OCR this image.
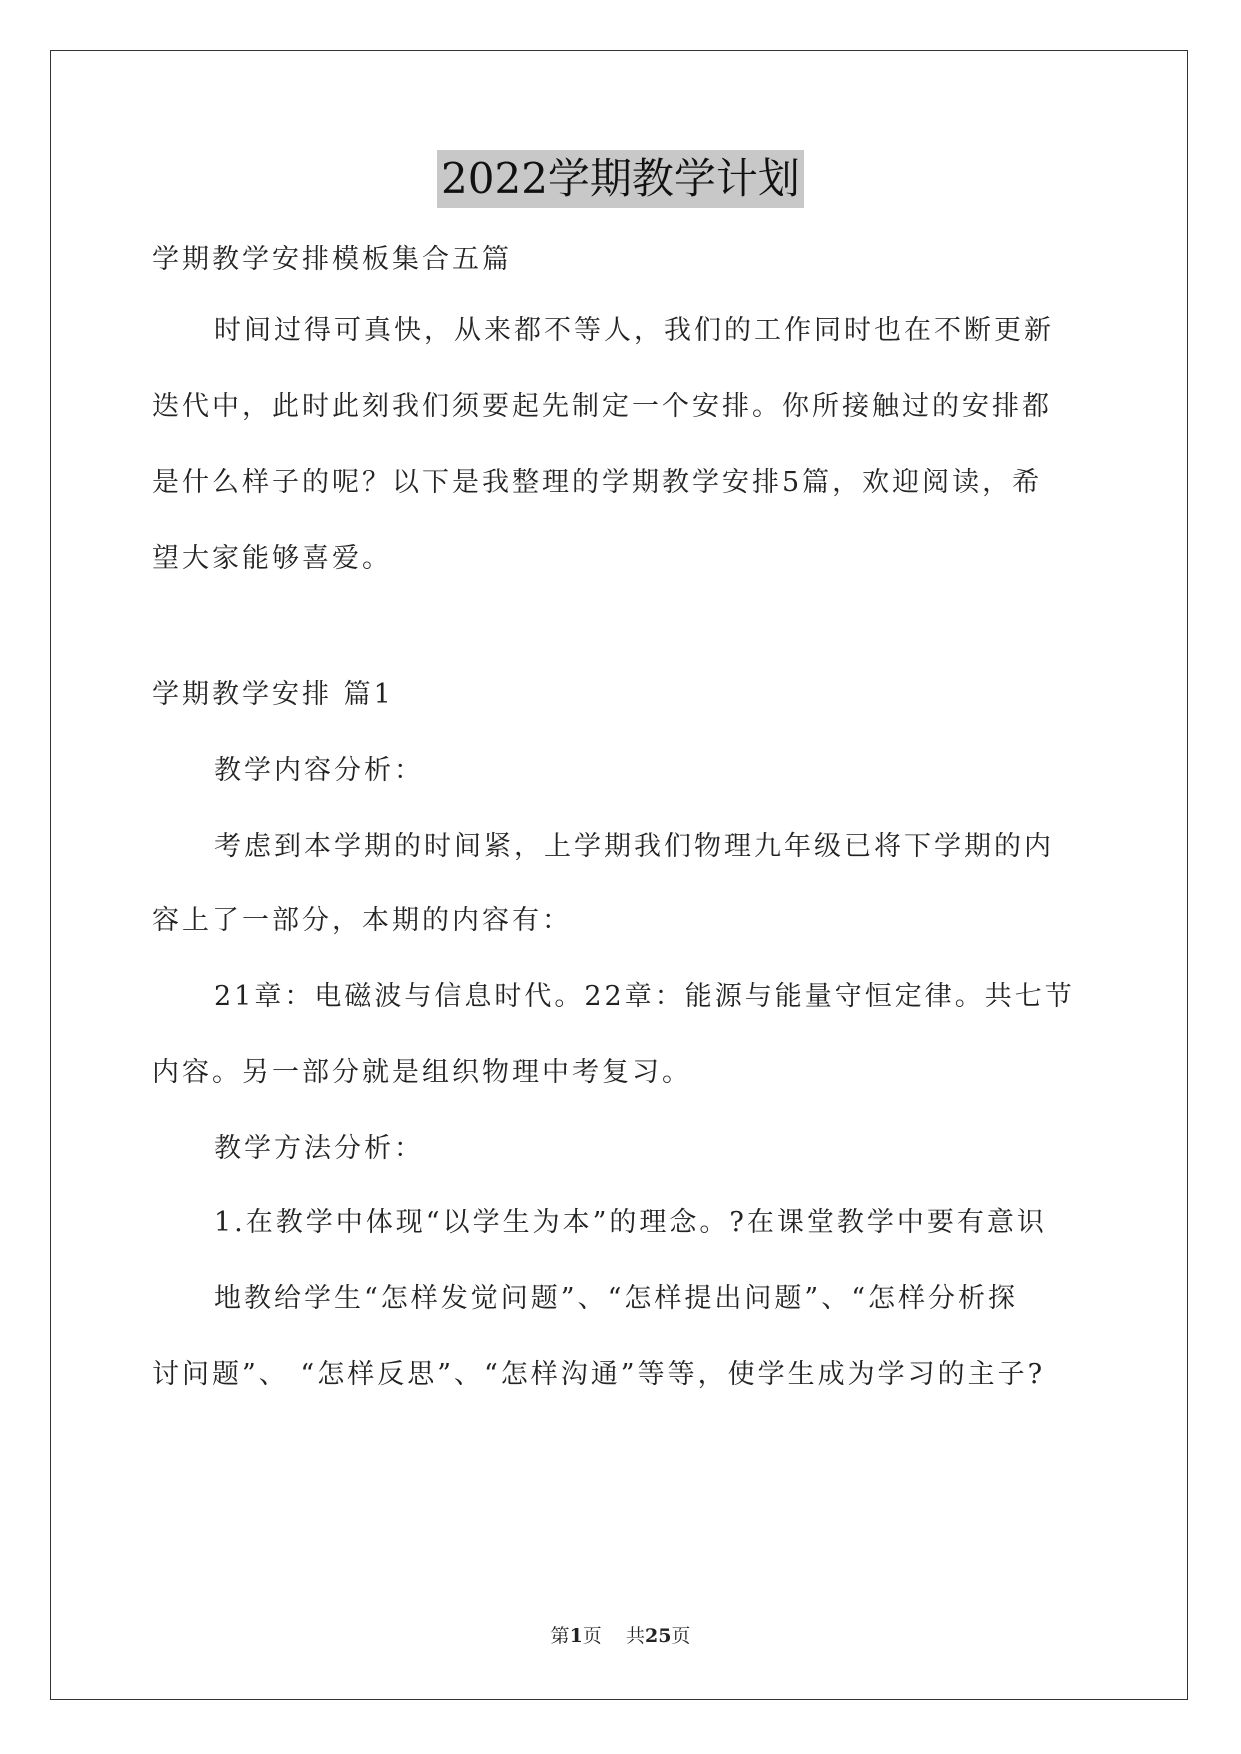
2022学期教学计划
学期教学安排模板集合五篇
时间过得可真快，从来都不等人，我们的工作同时也在不断更新
迭代中，此时此刻我们须要起先制定一个安排。你所接触过的安排都
是什么样子的呢？以下是我整理的学期教学安排5篇，欢迎阅读，希
望大家能够喜爱。
学期教学安排 篇1
教学内容分析：
考虑到本学期的时间紧，上学期我们物理九年级已将下学期的内
容上了一部分，本期的内容有：
21章：电磁波与信息时代。22章：能源与能量守恒定律。共七节
内容。另一部分就是组织物理中考复习。
教学方法分析：
1.在教学中体现“以学生为本”的理念。?在课堂教学中要有意识
地教给学生“怎样发觉问题”、“怎样提出问题”、“怎样分析探
讨问题”、 “怎样反思”、“怎样沟通”等等，使学生成为学习的主子?
第1页    共25页
